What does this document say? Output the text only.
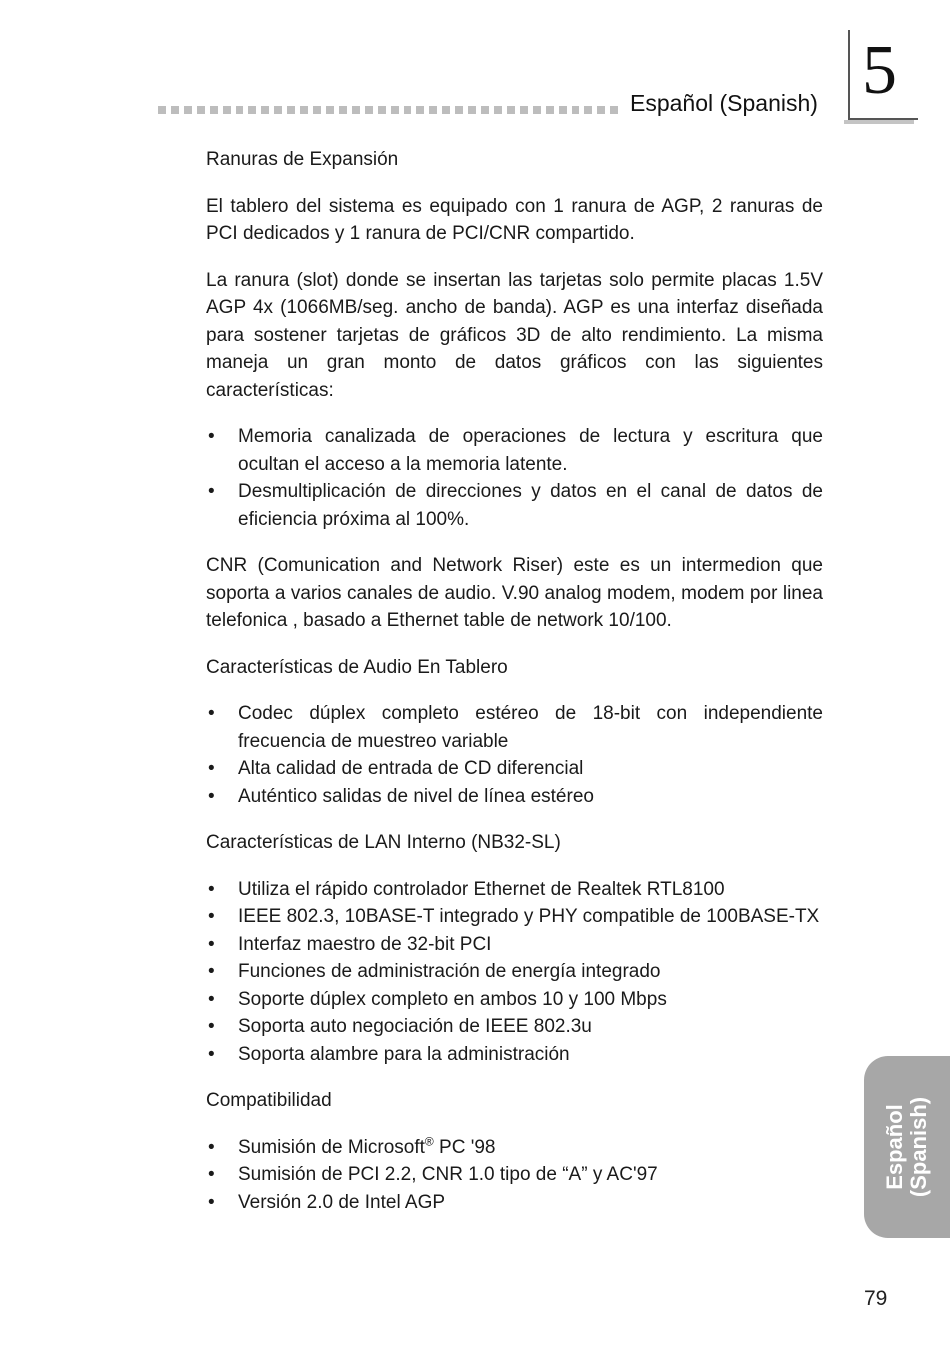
Español (Spanish) 5
Ranuras de Expansión

El tablero del sistema es equipado con 1 ranura de AGP, 2 ranuras de PCI dedicados y 1 ranura de PCI/CNR compartido.

La ranura (slot) donde se insertan las tarjetas solo permite placas 1.5V AGP 4x (1066MB/seg. ancho de banda). AGP es una interfaz diseñada para sostener tarjetas de gráficos 3D de alto rendimiento. La misma maneja un gran monto de datos gráficos con las siguientes características:

• Memoria canalizada de operaciones de lectura y escritura que ocultan el acceso a la memoria latente.
• Desmultiplicación de direcciones y datos en el canal de datos de eficiencia próxima al 100%.

CNR (Comunication and Network Riser) este es un intermedion que soporta a varios canales de audio. V.90 analog modem, modem por linea telefonica , basado a Ethernet table de network 10/100.

Características de Audio En Tablero
• Codec dúplex completo estéreo de 18-bit con independiente frecuencia de muestreo variable
• Alta calidad de entrada de CD diferencial
• Auténtico salidas de nivel de línea estéreo
Características de LAN Interno (NB32-SL)
• Utiliza el rápido controlador Ethernet de Realtek RTL8100
• IEEE 802.3, 10BASE-T integrado y PHY compatible de 100BASE-TX
• Interfaz maestro de 32-bit PCI
• Funciones de administración de energía integrado
• Soporte dúplex completo en ambos 10 y 100 Mbps
• Soporta auto negociación de IEEE 802.3u
• Soporta alambre para la administración
Compatibilidad
• Sumisión de Microsoft® PC '98
• Sumisión de PCI 2.2, CNR 1.0 tipo de “A” y AC'97
• Versión 2.0 de Intel AGP
Español (Spanish)
79
